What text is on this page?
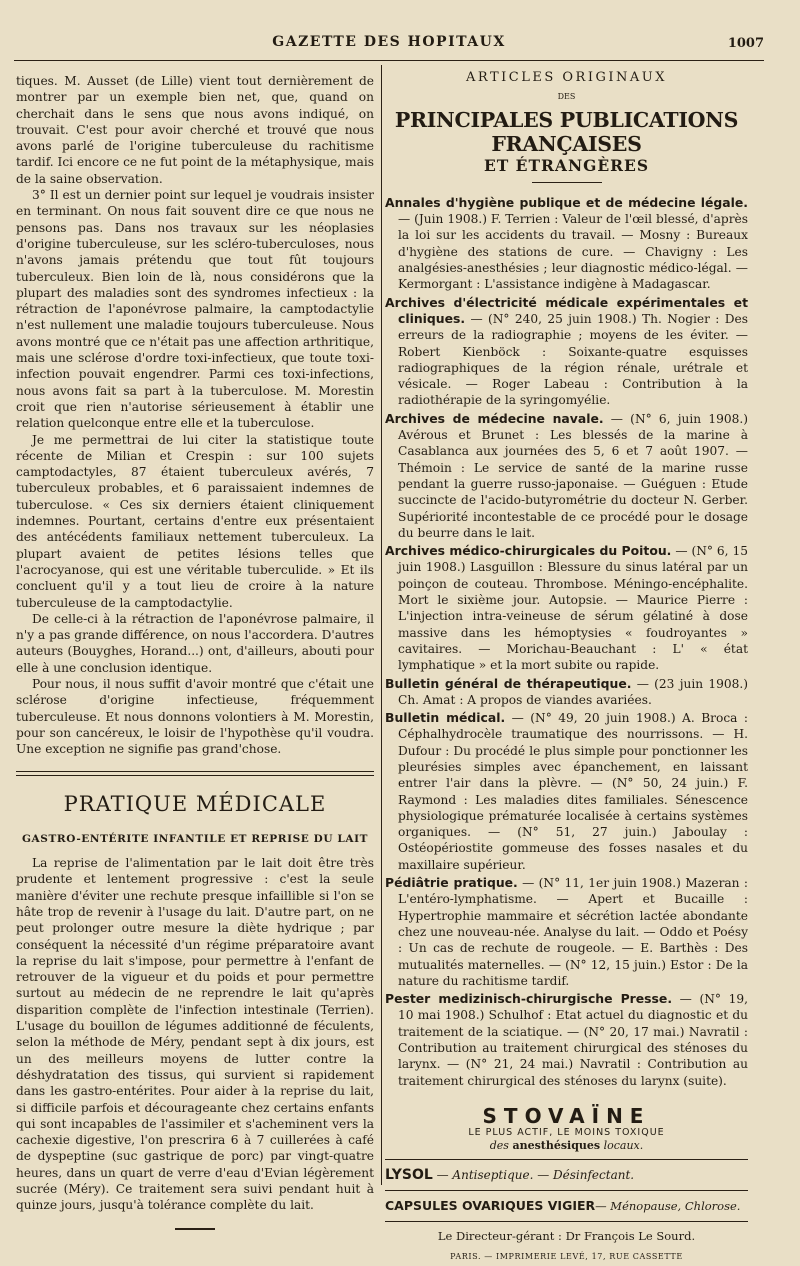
GAZETTE DES HOPITAUX	1007

tiques. M. Ausset (de Lille) vient tout dernièrement de montrer par un exemple bien net, que, quand on cherchait dans le sens que nous avons indiqué, on trouvait. C'est pour avoir cherché et trouvé que nous avons parlé de l'origine tuberculeuse du rachitisme tardif. Ici encore ce ne fut point de la métaphysique, mais de la saine observation.

3° Il est un dernier point sur lequel je voudrais insister en terminant. On nous fait souvent dire ce que nous ne pensons pas. Dans nos travaux sur les néoplasies d'origine tuberculeuse, sur les scléro-tuberculoses, nous n'avons jamais prétendu que tout fût toujours tuberculeux. Bien loin de là, nous considérons que la plupart des maladies sont des syndromes infectieux : la rétraction de l'aponévrose palmaire, la camptodactylie n'est nullement une maladie toujours tuberculeuse. Nous avons montré que ce n'était pas une affection arthritique, mais une sclérose d'ordre toxi-infectieux, que toute toxi-infection pouvait engendrer. Parmi ces toxi-infections, nous avons fait sa part à la tuberculose. M. Morestin croit que rien n'autorise sérieusement à établir une relation quelconque entre elle et la tuberculose.

Je me permettrai de lui citer la statistique toute récente de Milian et Crespin : sur 100 sujets camptodactyles, 87 étaient tuberculeux avérés, 7 tuberculeux probables, et 6 paraissaient indemnes de tuberculose. « Ces six derniers étaient cliniquement indemnes. Pourtant, certains d'entre eux présentaient des antécédents familiaux nettement tuberculeux. La plupart avaient de petites lésions telles que l'acrocyanose, qui est une véritable tuberculide. » Et ils concluent qu'il y a tout lieu de croire à la nature tuberculeuse de la camptodactylie.

De celle-ci à la rétraction de l'aponévrose palmaire, il n'y a pas grande différence, on nous l'accordera. D'autres auteurs (Bouyghes, Horand...) ont, d'ailleurs, abouti pour elle à une conclusion identique.

Pour nous, il nous suffit d'avoir montré que c'était une sclérose d'origine infectieuse, fréquemment tuberculeuse. Et nous donnons volontiers à M. Morestin, pour son cancéreux, le loisir de l'hypothèse qu'il voudra. Une exception ne signifie pas grand'chose.

PRATIQUE MÉDICALE
GASTRO-ENTÉRITE INFANTILE ET REPRISE DU LAIT

La reprise de l'alimentation par le lait doit être très prudente et lentement progressive : c'est la seule manière d'éviter une rechute presque infaillible si l'on se hâte trop de revenir à l'usage du lait. D'autre part, on ne peut prolonger outre mesure la diète hydrique ; par conséquent la nécessité d'un régime préparatoire avant la reprise du lait s'impose, pour permettre à l'enfant de retrouver de la vigueur et du poids et pour permettre surtout au médecin de ne reprendre le lait qu'après disparition complète de l'infection intestinale (Terrien). L'usage du bouillon de légumes additionné de féculents, selon la méthode de Méry, pendant sept à dix jours, est un des meilleurs moyens de lutter contre la déshydratation des tissus, qui survient si rapidement dans les gastro-entérites. Pour aider à la reprise du lait, si difficile parfois et décourageante chez certains enfants qui sont incapables de l'assimiler et s'acheminent vers la cachexie digestive, l'on prescrira 6 à 7 cuillerées à café de dyspeptine (suc gastrique de porc) par vingt-quatre heures, dans un quart de verre d'eau d'Evian légèrement sucrée (Méry). Ce traitement sera suivi pendant huit à quinze jours, jusqu'à tolérance complète du lait.

ARTICLES ORIGINAUX
DES
PRINCIPALES PUBLICATIONS FRANÇAISES
ET ÉTRANGÈRES
Annales d'hygiène publique et de médecine légale. — (Juin 1908.) F. Terrien : Valeur de l'œil blessé, d'après la loi sur les accidents du travail. — Mosny : Bureaux d'hygiène des stations de cure. — Chavigny : Les analgésies-anesthésies ; leur diagnostic médico-légal. — Kermorgant : L'assistance indigène à Madagascar.
Archives d'électricité médicale expérimentales et cliniques. — (N° 240, 25 juin 1908.) Th. Nogier : Des erreurs de la radiographie ; moyens de les éviter. — Robert Kienböck : Soixante-quatre esquisses radiographiques de la région rénale, urétrale et vésicale. — Roger Labeau : Contribution à la radiothérapie de la syringomyélie.
Archives de médecine navale. — (N° 6, juin 1908.) Avérous et Brunet : Les blessés de la marine à Casablanca aux journées des 5, 6 et 7 août 1907. — Thémoin : Le service de santé de la marine russe pendant la guerre russo-japonaise. — Guéguen : Etude succincte de l'acido-butyrométrie du docteur N. Gerber. Supériorité incontestable de ce procédé pour le dosage du beurre dans le lait.
Archives médico-chirurgicales du Poitou. — (N° 6, 15 juin 1908.) Lasguillon : Blessure du sinus latéral par un poinçon de couteau. Thrombose. Méningo-encéphalite. Mort le sixième jour. Autopsie. — Maurice Pierre : L'injection intra-veineuse de sérum gélatiné à dose massive dans les hémoptysies « foudroyantes » cavitaires. — Morichau-Beauchant : L' « état lymphatique » et la mort subite ou rapide.
Bulletin général de thérapeutique. — (23 juin 1908.) Ch. Amat : A propos de viandes avariées.
Bulletin médical. — (N° 49, 20 juin 1908.) A. Broca : Céphalhydrocèle traumatique des nourrissons. — H. Dufour : Du procédé le plus simple pour ponctionner les pleurésies simples avec épanchement, en laissant entrer l'air dans la plèvre. — (N° 50, 24 juin.) F. Raymond : Les maladies dites familiales. Sénescence physiologique prématurée localisée à certains systèmes organiques. — (N° 51, 27 juin.) Jaboulay : Ostéopériostite gommeuse des fosses nasales et du maxillaire supérieur.
Pédiâtrie pratique. — (N° 11, 1er juin 1908.) Mazeran : L'entéro-lymphatisme. — Apert et Bucaille : Hypertrophie mammaire et sécrétion lactée abondante chez une nouveau-née. Analyse du lait. — Oddo et Poésy : Un cas de rechute de rougeole. — E. Barthès : Des mutualités maternelles. — (N° 12, 15 juin.) Estor : De la nature du rachitisme tardif.
Pester medizinisch-chirurgische Presse. — (N° 19, 10 mai 1908.) Schulhof : Etat actuel du diagnostic et du traitement de la sciatique. — (N° 20, 17 mai.) Navratil : Contribution au traitement chirurgical des sténoses du larynx. — (N° 21, 24 mai.) Navratil : Contribution au traitement chirurgical des sténoses du larynx (suite).
STOVAÏNE
LE PLUS ACTIF, LE MOINS TOXIQUE
des anesthésiques locaux.
LYSOL — Antiseptique. — Désinfectant.
CAPSULES OVARIQUES VIGIER— Ménopause, Chlorose.
Le Directeur-gérant : Dr François Le Sourd.
PARIS. — IMPRIMERIE LEVÉ, 17, RUE CASSETTE
